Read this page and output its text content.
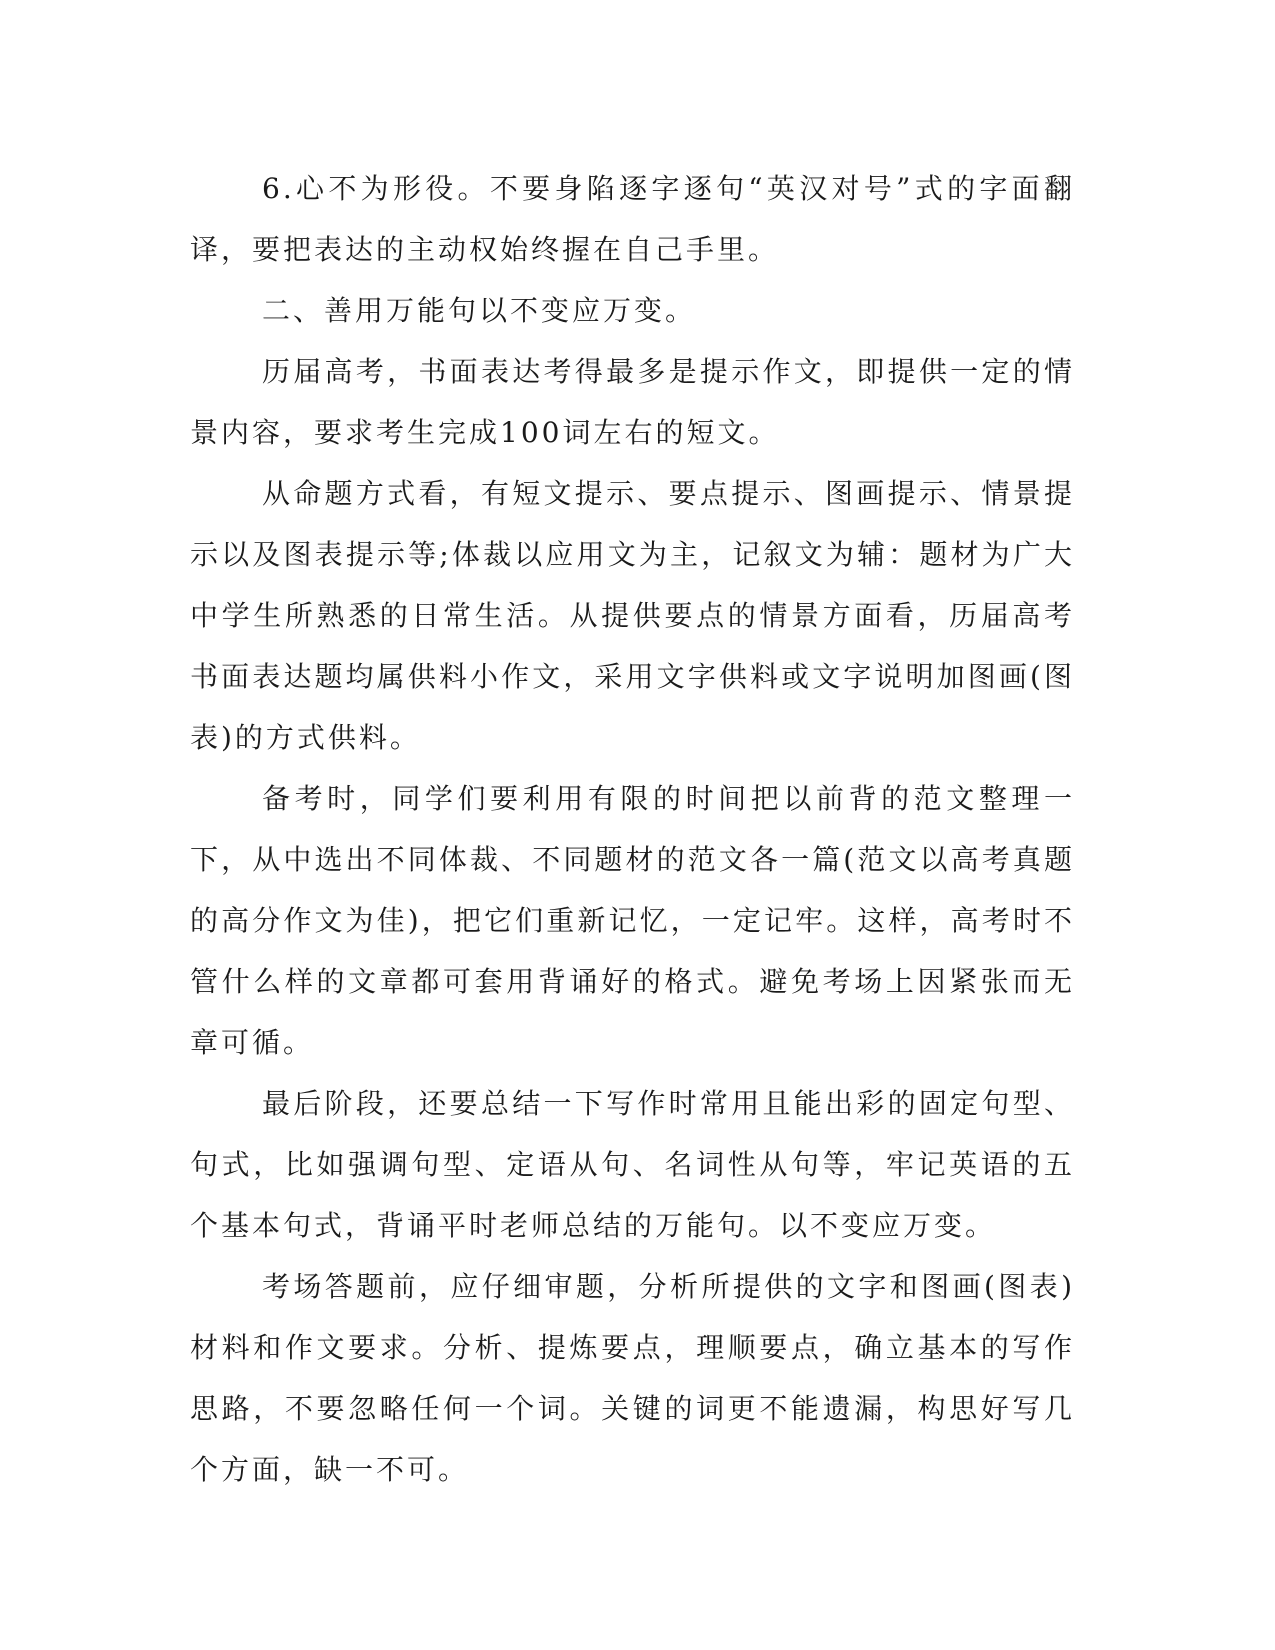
6.心不为形役。不要身陷逐字逐句“英汉对号”式的字面翻译，要把表达的主动权始终握在自己手里。

二、善用万能句以不变应万变。

历届高考，书面表达考得最多是提示作文，即提供一定的情景内容，要求考生完成100词左右的短文。

从命题方式看，有短文提示、要点提示、图画提示、情景提示以及图表提示等;体裁以应用文为主，记叙文为辅：题材为广大中学生所熟悉的日常生活。从提供要点的情景方面看，历届高考书面表达题均属供料小作文，采用文字供料或文字说明加图画(图表)的方式供料。

备考时，同学们要利用有限的时间把以前背的范文整理一下，从中选出不同体裁、不同题材的范文各一篇(范文以高考真题的高分作文为佳)，把它们重新记忆，一定记牢。这样，高考时不管什么样的文章都可套用背诵好的格式。避免考场上因紧张而无章可循。

最后阶段，还要总结一下写作时常用且能出彩的固定句型、句式，比如强调句型、定语从句、名词性从句等，牢记英语的五个基本句式，背诵平时老师总结的万能句。以不变应万变。

考场答题前，应仔细审题，分析所提供的文字和图画(图表)材料和作文要求。分析、提炼要点，理顺要点，确立基本的写作思路，不要忽略任何一个词。关键的词更不能遗漏，构思好写几个方面，缺一不可。
